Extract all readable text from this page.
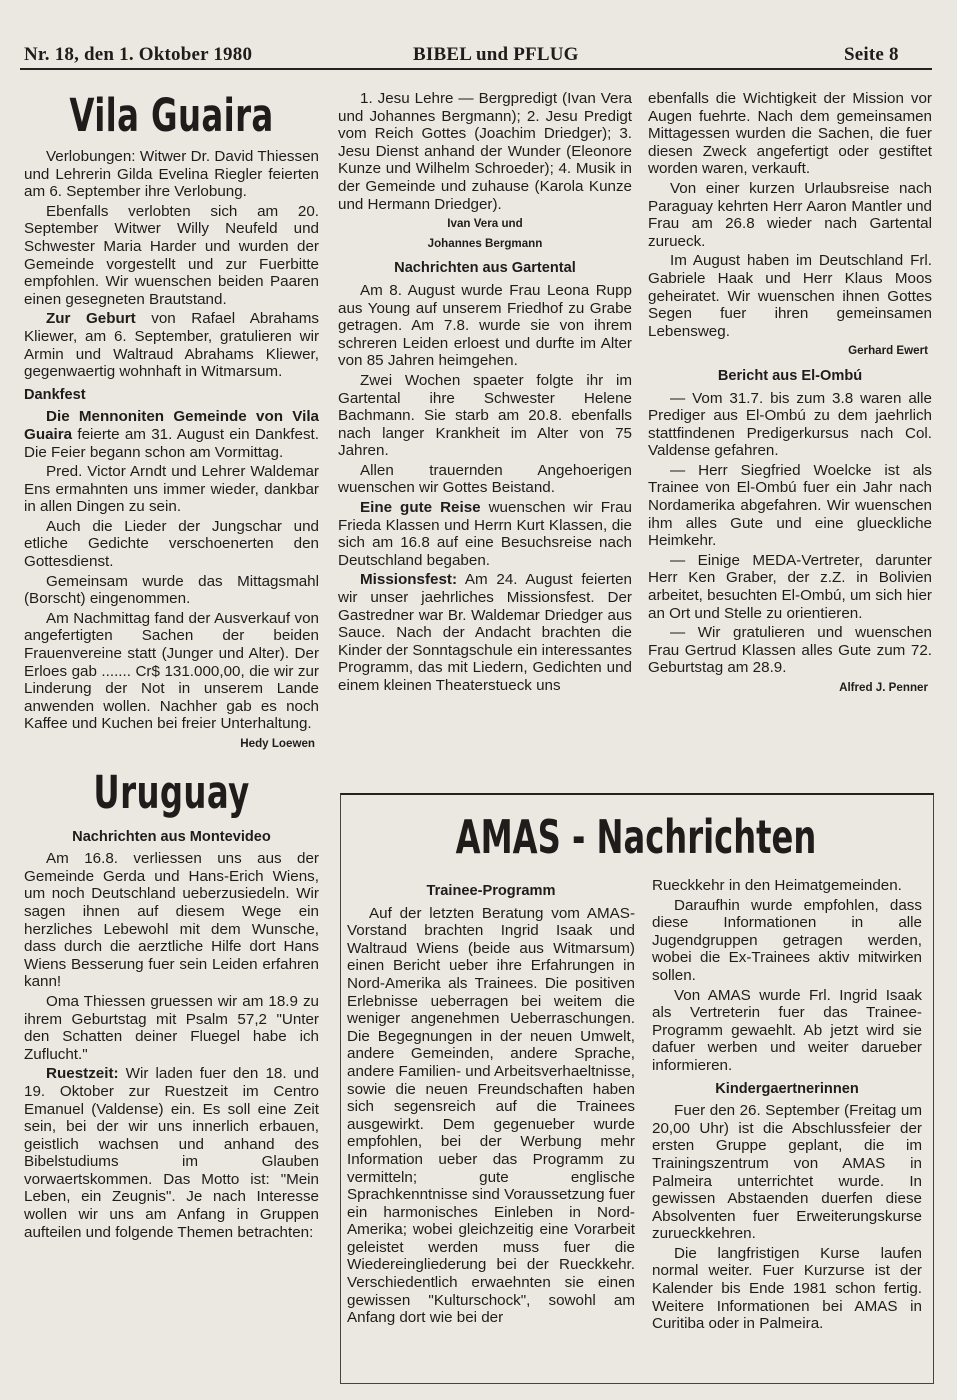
Nr. 18, den 1. Oktober 1980	BIBEL und PFLUG	Seite 8
Vila Guaira

Verlobungen: Witwer Dr. David Thiessen und Lehrerin Gilda Evelina Riegler feierten am 6. September ihre Verlobung.

Ebenfalls verlobten sich am 20. September Witwer Willy Neufeld und Schwester Maria Harder und wurden der Gemeinde vorgestellt und zur Fuerbitte empfohlen. Wir wuenschen beiden Paaren einen gesegneten Brautstand.

Zur Geburt von Rafael Abrahams Kliewer, am 6. September, gratulieren wir Armin und Waltraud Abrahams Kliewer, gegenwaertig wohnhaft in Witmarsum.

Dankfest

Die Mennoniten Gemeinde von Vila Guaira feierte am 31. August ein Dankfest. Die Feier begann schon am Vormittag.

Pred. Victor Arndt und Lehrer Waldemar Ens ermahnten uns immer wieder, dankbar in allen Dingen zu sein.

Auch die Lieder der Jungschar und etliche Gedichte verschoenerten den Gottesdienst.

Gemeinsam wurde das Mittagsmahl (Borscht) eingenommen.

Am Nachmittag fand der Ausverkauf von angefertigten Sachen der beiden Frauenvereine statt (Junger und Alter). Der Erloes gab ....... Cr$ 131.000,00, die wir zur Linderung der Not in unserem Lande anwenden wollen. Nachher gab es noch Kaffee und Kuchen bei freier Unterhaltung.

Hedy Loewen
Uruguay
Nachrichten aus Montevideo

Am 16.8. verliessen uns aus der Gemeinde Gerda und Hans-Erich Wiens, um noch Deutschland ueberzusiedeln. Wir sagen ihnen auf diesem Wege ein herzliches Lebewohl mit dem Wunsche, dass durch die aerztliche Hilfe dort Hans Wiens Besserung fuer sein Leiden erfahren kann!

Oma Thiessen gruessen wir am 18.9 zu ihrem Geburtstag mit Psalm 57,2 "Unter den Schatten deiner Fluegel habe ich Zuflucht."

Ruestzeit: Wir laden fuer den 18. und 19. Oktober zur Ruestzeit im Centro Emanuel (Valdense) ein. Es soll eine Zeit sein, bei der wir uns innerlich erbauen, geistlich wachsen und anhand des Bibelstudiums im Glauben vorwaertskommen. Das Motto ist: "Mein Leben, ein Zeugnis". Je nach Interesse wollen wir uns am Anfang in Gruppen aufteilen und folgende Themen betrachten:

1. Jesu Lehre — Bergpredigt (Ivan Vera und Johannes Bergmann); 2. Jesu Predigt vom Reich Gottes (Joachim Driedger); 3. Jesu Dienst anhand der Wunder (Eleonore Kunze und Wilhelm Schroeder); 4. Musik in der Gemeinde und zuhause (Karola Kunze und Hermann Driedger).

Ivan Vera und
Johannes Bergmann
Nachrichten aus Gartental

Am 8. August wurde Frau Leona Rupp aus Young auf unserem Friedhof zu Grabe getragen. Am 7.8. wurde sie von ihrem schreren Leiden erloest und durfte im Alter von 85 Jahren heimgehen.

Zwei Wochen spaeter folgte ihr im Gartental ihre Schwester Helene Bachmann. Sie starb am 20.8. ebenfalls nach langer Krankheit im Alter von 75 Jahren.

Allen trauernden Angehoerigen wuenschen wir Gottes Beistand.

Eine gute Reise wuenschen wir Frau Frieda Klassen und Herrn Kurt Klassen, die sich am 16.8 auf eine Besuchsreise nach Deutschland begaben.

Missionsfest: Am 24. August feierten wir unser jaehrliches Missionsfest. Der Gastredner war Br. Waldemar Driedger aus Sauce. Nach der Andacht brachten die Kinder der Sonntagschule ein interessantes Programm, das mit Liedern, Gedichten und einem kleinen Theaterstueck uns

ebenfalls die Wichtigkeit der Mission vor Augen fuehrte. Nach dem gemeinsamen Mittagessen wurden die Sachen, die fuer diesen Zweck angefertigt oder gestiftet worden waren, verkauft.

Von einer kurzen Urlaubsreise nach Paraguay kehrten Herr Aaron Mantler und Frau am 26.8 wieder nach Gartental zurueck.

Im August haben im Deutschland Frl. Gabriele Haak und Herr Klaus Moos geheiratet. Wir wuenschen ihnen Gottes Segen fuer ihren gemeinsamen Lebensweg.

Gerhard Ewert
Bericht aus El-Ombú

— Vom 31.7. bis zum 3.8 waren alle Prediger aus El-Ombú zu dem jaehrlich stattfindenen Predigerkursus nach Col. Valdense gefahren.

— Herr Siegfried Woelcke ist als Trainee von El-Ombú fuer ein Jahr nach Nordamerika abgefahren. Wir wuenschen ihm alles Gute und eine glueckliche Heimkehr.

— Einige MEDA-Vertreter, darunter Herr Ken Graber, der z.Z. in Bolivien arbeitet, besuchten El-Ombú, um sich hier an Ort und Stelle zu orientieren.

— Wir gratulieren und wuenschen Frau Gertrud Klassen alles Gute zum 72. Geburtstag am 28.9.

Alfred J. Penner
AMAS - Nachrichten
Trainee-Programm

Auf der letzten Beratung vom AMAS-Vorstand brachten Ingrid Isaak und Waltraud Wiens (beide aus Witmarsum) einen Bericht ueber ihre Erfahrungen in Nord-Amerika als Trainees. Die positiven Erlebnisse ueberragen bei weitem die weniger angenehmen Ueberraschungen. Die Begegnungen in der neuen Umwelt, andere Gemeinden, andere Sprache, andere Familien- und Arbeitsverhaeltnisse, sowie die neuen Freundschaften haben sich segensreich auf die Trainees ausgewirkt. Dem gegenueber wurde empfohlen, bei der Werbung mehr Information ueber das Programm zu vermitteln; gute englische Sprachkenntnisse sind Voraussetzung fuer ein harmonisches Einleben in Nord-Amerika; wobei gleichzeitig eine Vorarbeit geleistet werden muss fuer die Wiedereingliederung bei der Rueckkehr. Verschiedentlich erwaehnten sie einen gewissen "Kulturschock", sowohl am Anfang dort wie bei der

Rueckkehr in den Heimatgemeinden.

Daraufhin wurde empfohlen, dass diese Informationen in alle Jugendgruppen getragen werden, wobei die Ex-Trainees aktiv mitwirken sollen.

Von AMAS wurde Frl. Ingrid Isaak als Vertreterin fuer das Trainee-Programm gewaehlt. Ab jetzt wird sie dafuer werben und weiter darueber informieren.

Kindergaertnerinnen

Fuer den 26. September (Freitag um 20,00 Uhr) ist die Abschlussfeier der ersten Gruppe geplant, die im Trainingszentrum von AMAS in Palmeira unterrichtet wurde. In gewissen Abstaenden duerfen diese Absolventen fuer Erweiterungskurse zurueckkehren.

Die langfristigen Kurse laufen normal weiter. Fuer Kurzurse ist der Kalender bis Ende 1981 schon fertig. Weitere Informationen bei AMAS in Curitiba oder in Palmeira.
